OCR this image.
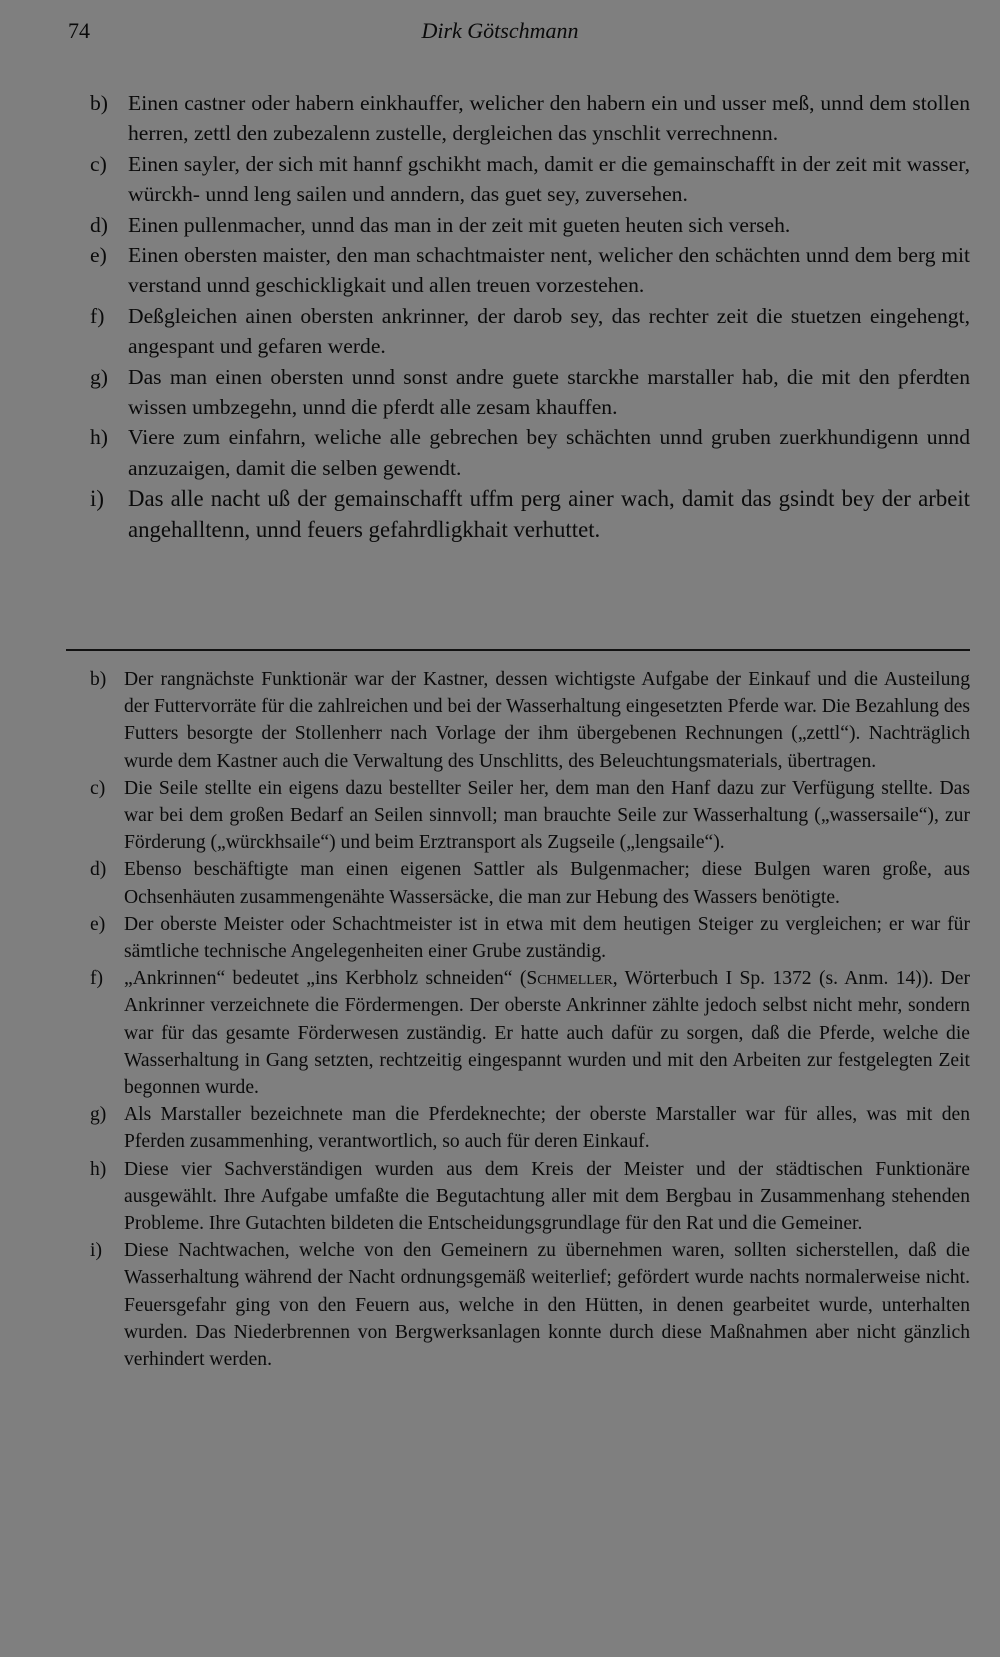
74	Dirk Götschmann
b) Einen castner oder habern einkhauffer, welicher den habern ein und usser meß, unnd dem stollen herren, zettl den zubezalenn zustelle, dergleichen das ynschlit verrechnenn.
c) Einen sayler, der sich mit hannf gschikht mach, damit er die gemainschafft in der zeit mit wasser, würckh- unnd leng sailen und anndern, das guet sey, zuversehen.
d) Einen pullenmacher, unnd das man in der zeit mit gueten heuten sich verseh.
e) Einen obersten maister, den man schachtmaister nent, welicher den schächten unnd dem berg mit verstand unnd geschickligkait und allen treuen vorzestehen.
f) Deßgleichen ainen obersten ankrinner, der darob sey, das rechter zeit die stuetzen eingehengt, angespant und gefaren werde.
g) Das man einen obersten unnd sonst andre guete starckhe marstaller hab, die mit den pferdten wissen umbzegehn, unnd die pferdt alle zesam khauffen.
h) Viere zum einfahrn, weliche alle gebrechen bey schächten unnd gruben zuerkhundigenn unnd anzuzaigen, damit die selben gewendt.
i) Das alle nacht uß der gemainschafft uffm perg ainer wach, damit das gsindt bey der arbeit angehalltenn, unnd feuers gefahrdligkhait verhuttet.
b) Der rangnächste Funktionär war der Kastner, dessen wichtigste Aufgabe der Einkauf und die Austeilung der Futtervorräte für die zahlreichen und bei der Wasserhaltung eingesetzten Pferde war. Die Bezahlung des Futters besorgte der Stollenherr nach Vorlage der ihm übergebenen Rechnungen („zettl“). Nachträglich wurde dem Kastner auch die Verwaltung des Unschlitts, des Beleuchtungsmaterials, übertragen.
c) Die Seile stellte ein eigens dazu bestellter Seiler her, dem man den Hanf dazu zur Verfügung stellte. Das war bei dem großen Bedarf an Seilen sinnvoll; man brauchte Seile zur Wasserhaltung („wassersaile“), zur Förderung („würckhsaile“) und beim Erztransport als Zugseile („lengsaile“).
d) Ebenso beschäftigte man einen eigenen Sattler als Bulgenmacher; diese Bulgen waren große, aus Ochsenhäuten zusammengenähte Wassersäcke, die man zur Hebung des Wassers benötigte.
e) Der oberste Meister oder Schachtmeister ist in etwa mit dem heutigen Steiger zu vergleichen; er war für sämtliche technische Angelegenheiten einer Grube zuständig.
f) „Ankrinnen“ bedeutet „ins Kerbholz schneiden“ (Schmeller, Wörterbuch I Sp. 1372 (s. Anm. 14)). Der Ankrinner verzeichnete die Fördermengen. Der oberste Ankrinner zählte jedoch selbst nicht mehr, sondern war für das gesamte Förderwesen zuständig. Er hatte auch dafür zu sorgen, daß die Pferde, welche die Wasserhaltung in Gang setzten, rechtzeitig eingespannt wurden und mit den Arbeiten zur festgelegten Zeit begonnen wurde.
g) Als Marstaller bezeichnete man die Pferdeknechte; der oberste Marstaller war für alles, was mit den Pferden zusammenhing, verantwortlich, so auch für deren Einkauf.
h) Diese vier Sachverständigen wurden aus dem Kreis der Meister und der städtischen Funktionäre ausgewählt. Ihre Aufgabe umfaßte die Begutachtung aller mit dem Bergbau in Zusammenhang stehenden Probleme. Ihre Gutachten bildeten die Entscheidungsgrundlage für den Rat und die Gemeiner.
i) Diese Nachtwachen, welche von den Gemeinern zu übernehmen waren, sollten sicherstellen, daß die Wasserhaltung während der Nacht ordnungsgemäß weiterlief; gefördert wurde nachts normalerweise nicht. Feuersgefahr ging von den Feuern aus, welche in den Hütten, in denen gearbeitet wurde, unterhalten wurden. Das Niederbrennen von Bergwerksanlagen konnte durch diese Maßnahmen aber nicht gänzlich verhindert werden.
